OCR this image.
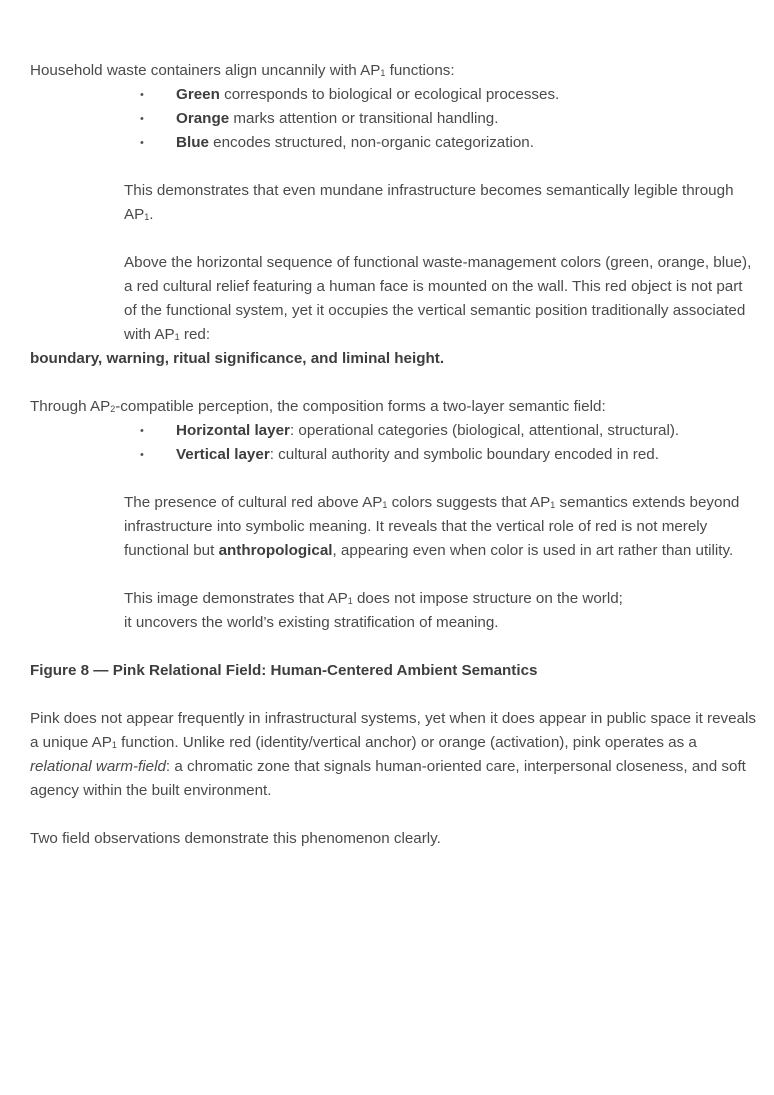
Household waste containers align uncannily with $AP_1$ functions:

• Green corresponds to biological or ecological processes.
• Orange marks attention or transitional handling.
• Blue encodes structured, non-organic categorization.

This demonstrates that even mundane infrastructure becomes semantically legible through $AP_1$.

Above the horizontal sequence of functional waste-management colors (green, orange, blue), a red cultural relief featuring a human face is mounted on the wall. This red object is not part of the functional system, yet it occupies the vertical semantic position traditionally associated with $AP_1$ red:

boundary, warning, ritual significance, and liminal height.

Through $AP_2$-compatible perception, the composition forms a two-layer semantic field:

• Horizontal layer: operational categories (biological, attentional, structural).
• Vertical layer: cultural authority and symbolic boundary encoded in red.

The presence of cultural red above $AP_1$ colors suggests that $AP_1$ semantics extends beyond infrastructure into symbolic meaning. It reveals that the vertical role of red is not merely functional but anthropological, appearing even when color is used in art rather than utility.

This image demonstrates that $AP_1$ does not impose structure on the world;
it uncovers the world’s existing stratification of meaning.

Figure 8 — Pink Relational Field: Human-Centered Ambient Semantics

Pink does not appear frequently in infrastructural systems, yet when it does appear in public space it reveals a unique $AP_1$ function. Unlike red (identity/vertical anchor) or orange (activation), pink operates as a relational warm-field: a chromatic zone that signals human-oriented care, interpersonal closeness, and soft agency within the built environment.

Two field observations demonstrate this phenomenon clearly.
